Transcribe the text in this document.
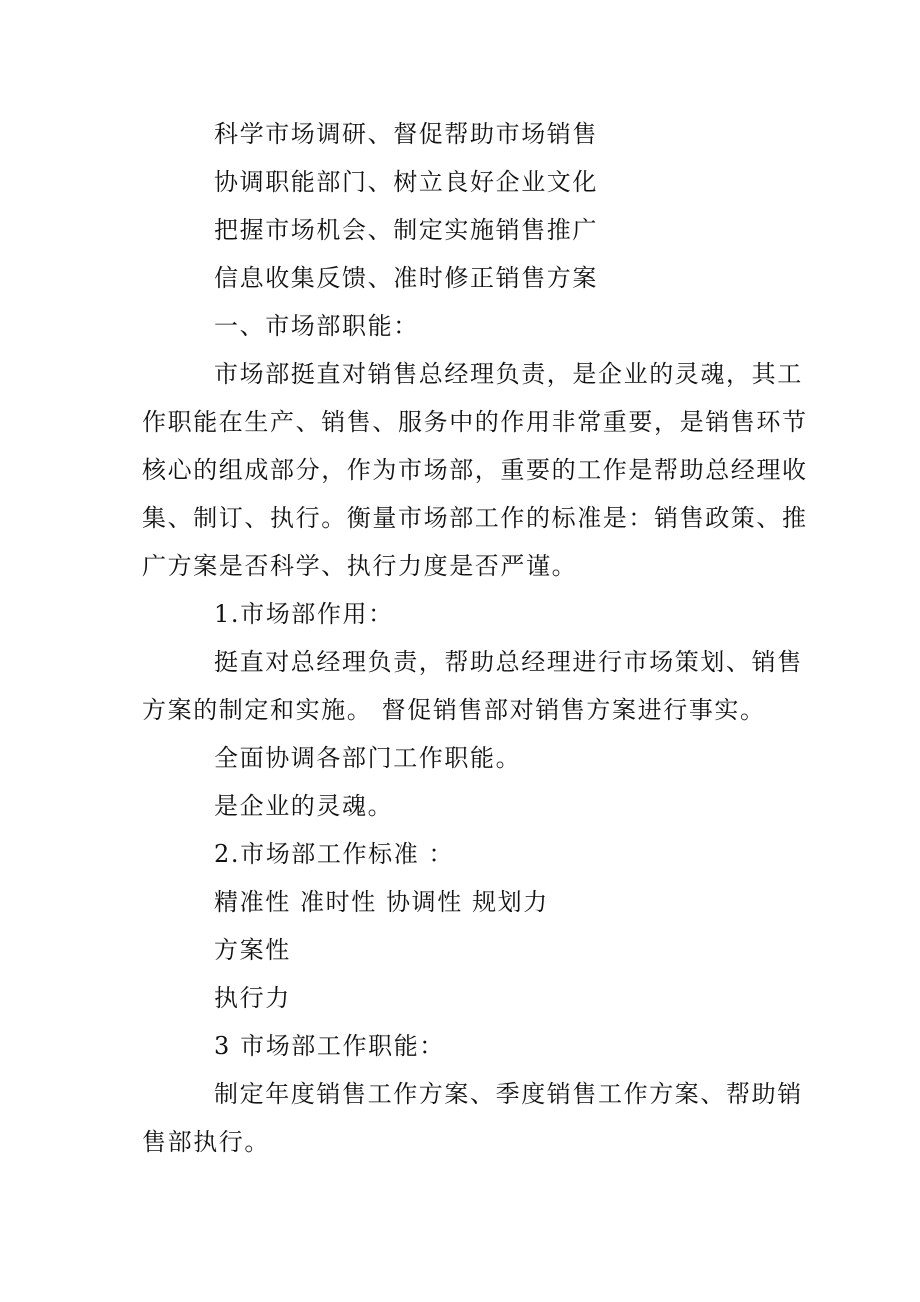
科学市场调研、督促帮助市场销售
协调职能部门、树立良好企业文化
把握市场机会、制定实施销售推广
信息收集反馈、准时修正销售方案
一、市场部职能：
市场部挺直对销售总经理负责，是企业的灵魂，其工
作职能在生产、销售、服务中的作用非常重要，是销售环节
核心的组成部分，作为市场部，重要的工作是帮助总经理收
集、制订、执行。衡量市场部工作的标准是：销售政策、推
广方案是否科学、执行力度是否严谨。
1.市场部作用：
挺直对总经理负责，帮助总经理进行市场策划、销售
方案的制定和实施。 督促销售部对销售方案进行事实。
全面协调各部门工作职能。
是企业的灵魂。
2.市场部工作标准 ：
精准性 准时性 协调性 规划力
方案性
执行力
3 市场部工作职能：
制定年度销售工作方案、季度销售工作方案、帮助销
售部执行。
